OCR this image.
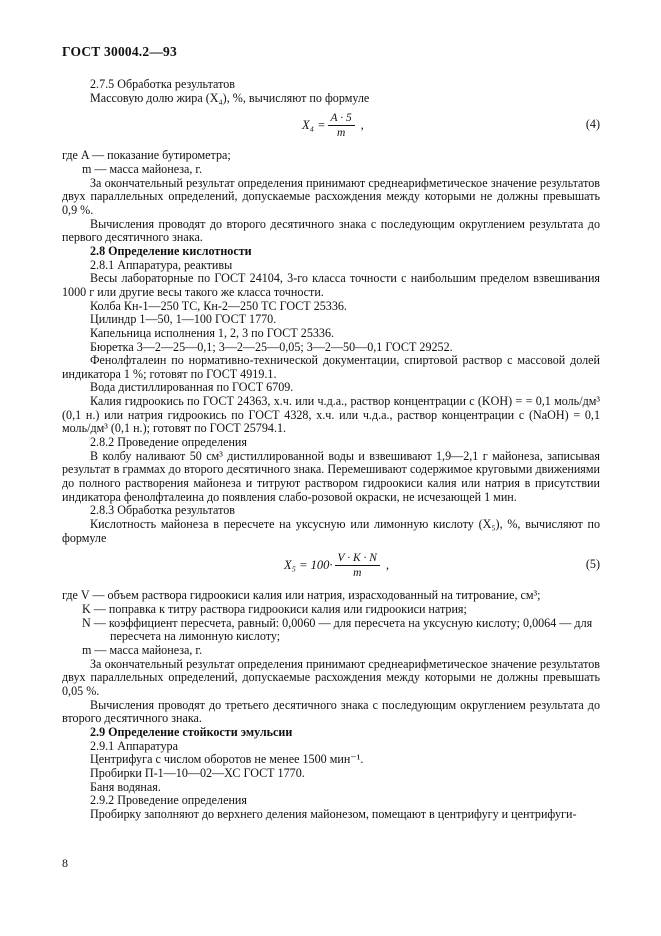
ГОСТ 30004.2—93

2.7.5 Обработка результатов

Массовую долю жира (X₄), %, вычисляют по формуле

$X_4 = \frac{A \cdot 5}{m}$ ,	(4)

где A — показание бутирометра;

m — масса майонеза, г.

За окончательный результат определения принимают среднеарифметическое значение результатов двух параллельных определений, допускаемые расхождения между которыми не должны превышать 0,9 %.

Вычисления проводят до второго десятичного знака с последующим округлением результата до первого десятичного знака.

2.8 Определение кислотности

2.8.1 Аппаратура, реактивы

Весы лабораторные по ГОСТ 24104, 3-го класса точности с наибольшим пределом взвешивания 1000 г или другие весы такого же класса точности.

Колба Кн-1—250 ТС, Кн-2—250 ТС ГОСТ 25336.

Цилиндр 1—50, 1—100 ГОСТ 1770.

Капельница исполнения 1, 2, 3 по ГОСТ 25336.

Бюретка 3—2—25—0,1; 3—2—25—0,05; 3—2—50—0,1 ГОСТ 29252.

Фенолфталеин по нормативно-технической документации, спиртовой раствор с массовой долей индикатора 1 %; готовят по ГОСТ 4919.1.

Вода дистиллированная по ГОСТ 6709.

Калия гидроокись по ГОСТ 24363, х.ч. или ч.д.а., раствор концентрации c (KOH) = = 0,1 моль/дм³ (0,1 н.) или натрия гидроокись по ГОСТ 4328, х.ч. или ч.д.а., раствор концентрации c (NaOH) = 0,1 моль/дм³ (0,1 н.); готовят по ГОСТ 25794.1.

2.8.2 Проведение определения

В колбу наливают 50 см³ дистиллированной воды и взвешивают 1,9—2,1 г майонеза, записывая результат в граммах до второго десятичного знака. Перемешивают содержимое круговыми движениями до полного растворения майонеза и титруют раствором гидроокиси калия или натрия в присутствии индикатора фенолфталеина до появления слабо-розовой окраски, не исчезающей 1 мин.

2.8.3 Обработка результатов

Кислотность майонеза в пересчете на уксусную или лимонную кислоту (X₅), %, вычисляют по формуле

$X_5 = 100\cdot \frac{V \cdot K \cdot N}{m}$ ,	(5)

где V — объем раствора гидроокиси калия или натрия, израсходованный на титрование, см³;

K — поправка к титру раствора гидроокиси калия или гидроокиси натрия;

N — коэффициент пересчета, равный: 0,0060 — для пересчета на уксусную кислоту; 0,0064 — для пересчета на лимонную кислоту;

m — масса майонеза, г.

За окончательный результат определения принимают среднеарифметическое значение результатов двух параллельных определений, допускаемые расхождения между которыми не должны превышать 0,05 %.

Вычисления проводят до третьего десятичного знака с последующим округлением результата до второго десятичного знака.

2.9 Определение стойкости эмульсии

2.9.1 Аппаратура

Центрифуга с числом оборотов не менее 1500 мин⁻¹.

Пробирки П-1—10—02—ХС ГОСТ 1770.

Баня водяная.

2.9.2 Проведение определения

Пробирку заполняют до верхнего деления майонезом, помещают в центрифугу и центрифуги-

8
